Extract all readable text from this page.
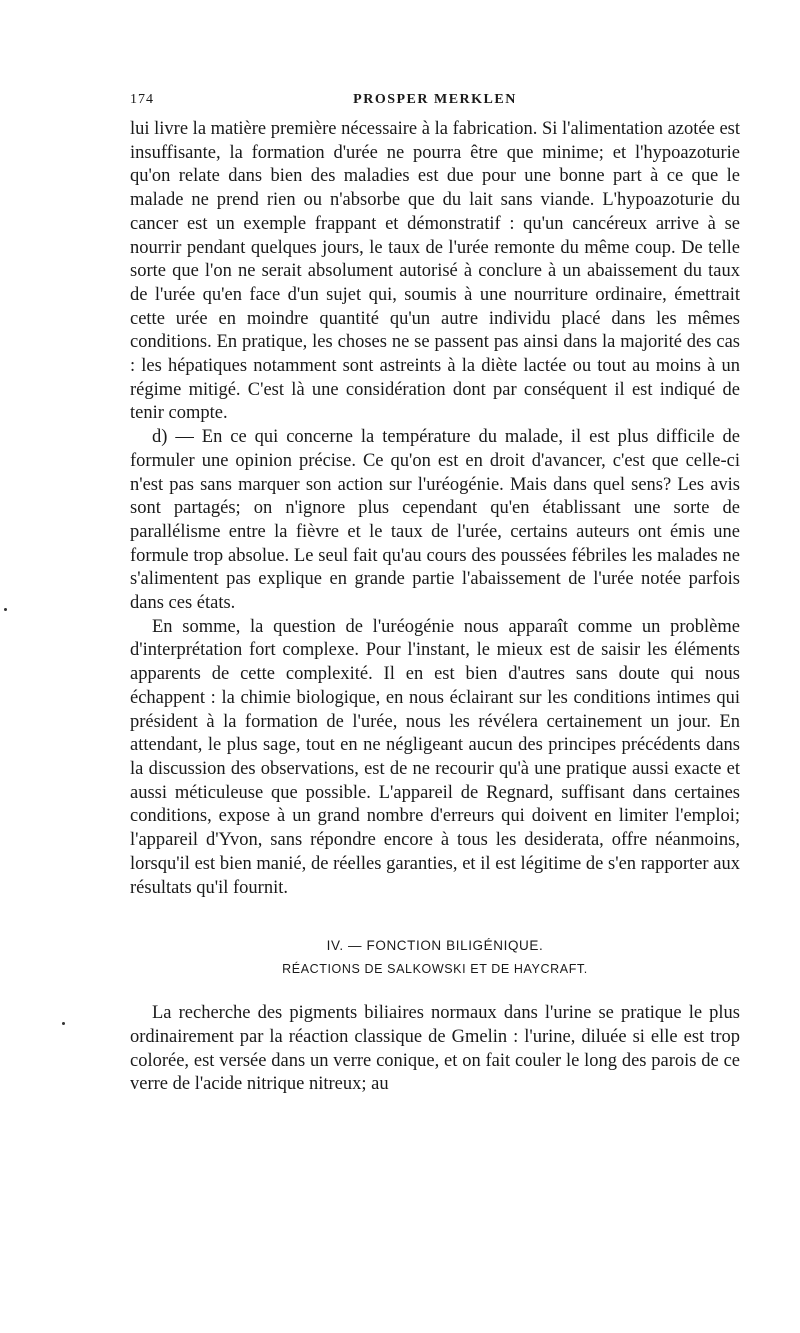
174	PROSPER MERKLEN

lui livre la matière première nécessaire à la fabrication. Si l'alimentation azotée est insuffisante, la formation d'urée ne pourra être que minime; et l'hypoazoturie qu'on relate dans bien des maladies est due pour une bonne part à ce que le malade ne prend rien ou n'absorbe que du lait sans viande. L'hypoazoturie du cancer est un exemple frappant et démonstratif : qu'un cancéreux arrive à se nourrir pendant quelques jours, le taux de l'urée remonte du même coup. De telle sorte que l'on ne serait absolument autorisé à conclure à un abaissement du taux de l'urée qu'en face d'un sujet qui, soumis à une nourriture ordinaire, émettrait cette urée en moindre quantité qu'un autre individu placé dans les mêmes conditions. En pratique, les choses ne se passent pas ainsi dans la majorité des cas : les hépatiques notamment sont astreints à la diète lactée ou tout au moins à un régime mitigé. C'est là une considération dont par conséquent il est indiqué de tenir compte.

d) — En ce qui concerne la température du malade, il est plus difficile de formuler une opinion précise. Ce qu'on est en droit d'avancer, c'est que celle-ci n'est pas sans marquer son action sur l'uréogénie. Mais dans quel sens? Les avis sont partagés; on n'ignore plus cependant qu'en établissant une sorte de parallélisme entre la fièvre et le taux de l'urée, certains auteurs ont émis une formule trop absolue. Le seul fait qu'au cours des poussées fébriles les malades ne s'alimentent pas explique en grande partie l'abaissement de l'urée notée parfois dans ces états.

En somme, la question de l'uréogénie nous apparaît comme un problème d'interprétation fort complexe. Pour l'instant, le mieux est de saisir les éléments apparents de cette complexité. Il en est bien d'autres sans doute qui nous échappent : la chimie biologique, en nous éclairant sur les conditions intimes qui président à la formation de l'urée, nous les révélera certainement un jour. En attendant, le plus sage, tout en ne négligeant aucun des principes précédents dans la discussion des observations, est de ne recourir qu'à une pratique aussi exacte et aussi méticuleuse que possible. L'appareil de Regnard, suffisant dans certaines conditions, expose à un grand nombre d'erreurs qui doivent en limiter l'emploi; l'appareil d'Yvon, sans répondre encore à tous les desiderata, offre néanmoins, lorsqu'il est bien manié, de réelles garanties, et il est légitime de s'en rapporter aux résultats qu'il fournit.

IV. — FONCTION BILIGÉNIQUE.
RÉACTIONS DE SALKOWSKI ET DE HAYCRAFT.

La recherche des pigments biliaires normaux dans l'urine se pratique le plus ordinairement par la réaction classique de Gmelin : l'urine, diluée si elle est trop colorée, est versée dans un verre conique, et on fait couler le long des parois de ce verre de l'acide nitrique nitreux; au
